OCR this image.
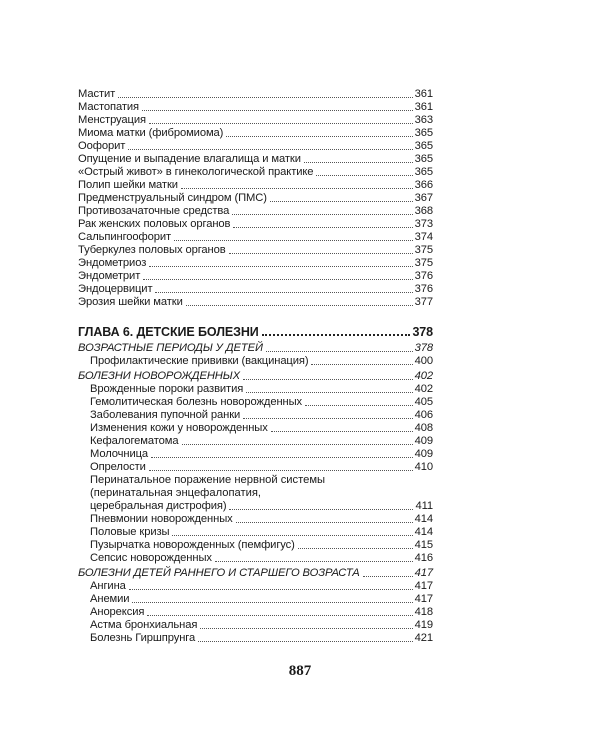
Мастит	361
Мастопатия	361
Менструация	363
Миома матки (фибромиома)	365
Оофорит	365
Опущение и выпадение влагалища и матки	365
«Острый живот» в гинекологической практике	365
Полип шейки матки	366
Предменструальный синдром (ПМС)	367
Противозачаточные средства	368
Рак женских половых органов	373
Сальпингоофорит	374
Туберкулез половых органов	375
Эндометриоз	375
Эндометрит	376
Эндоцервицит	376
Эрозия шейки матки	377
ГЛАВА 6. ДЕТСКИЕ БОЛЕЗНИ	378
ВОЗРАСТНЫЕ ПЕРИОДЫ У ДЕТЕЙ	378
Профилактические прививки (вакцинация)	400
БОЛЕЗНИ НОВОРОЖДЕННЫХ	402
Врожденные пороки развития	402
Гемолитическая болезнь новорожденных	405
Заболевания пупочной ранки	406
Изменения кожи у новорожденных	408
Кефалогематома	409
Молочница	409
Опрелости	410
Перинатальное поражение нервной системы
(перинатальная энцефалопатия,
церебральная дистрофия)	411
Пневмонии новорожденных	414
Половые кризы	414
Пузырчатка новорожденных (пемфигус)	415
Сепсис новорожденных	416
БОЛЕЗНИ ДЕТЕЙ РАННЕГО И СТАРШЕГО ВОЗРАСТА	417
Ангина	417
Анемии	417
Анорексия	418
Астма бронхиальная	419
Болезнь Гиршпрунга	421
887
